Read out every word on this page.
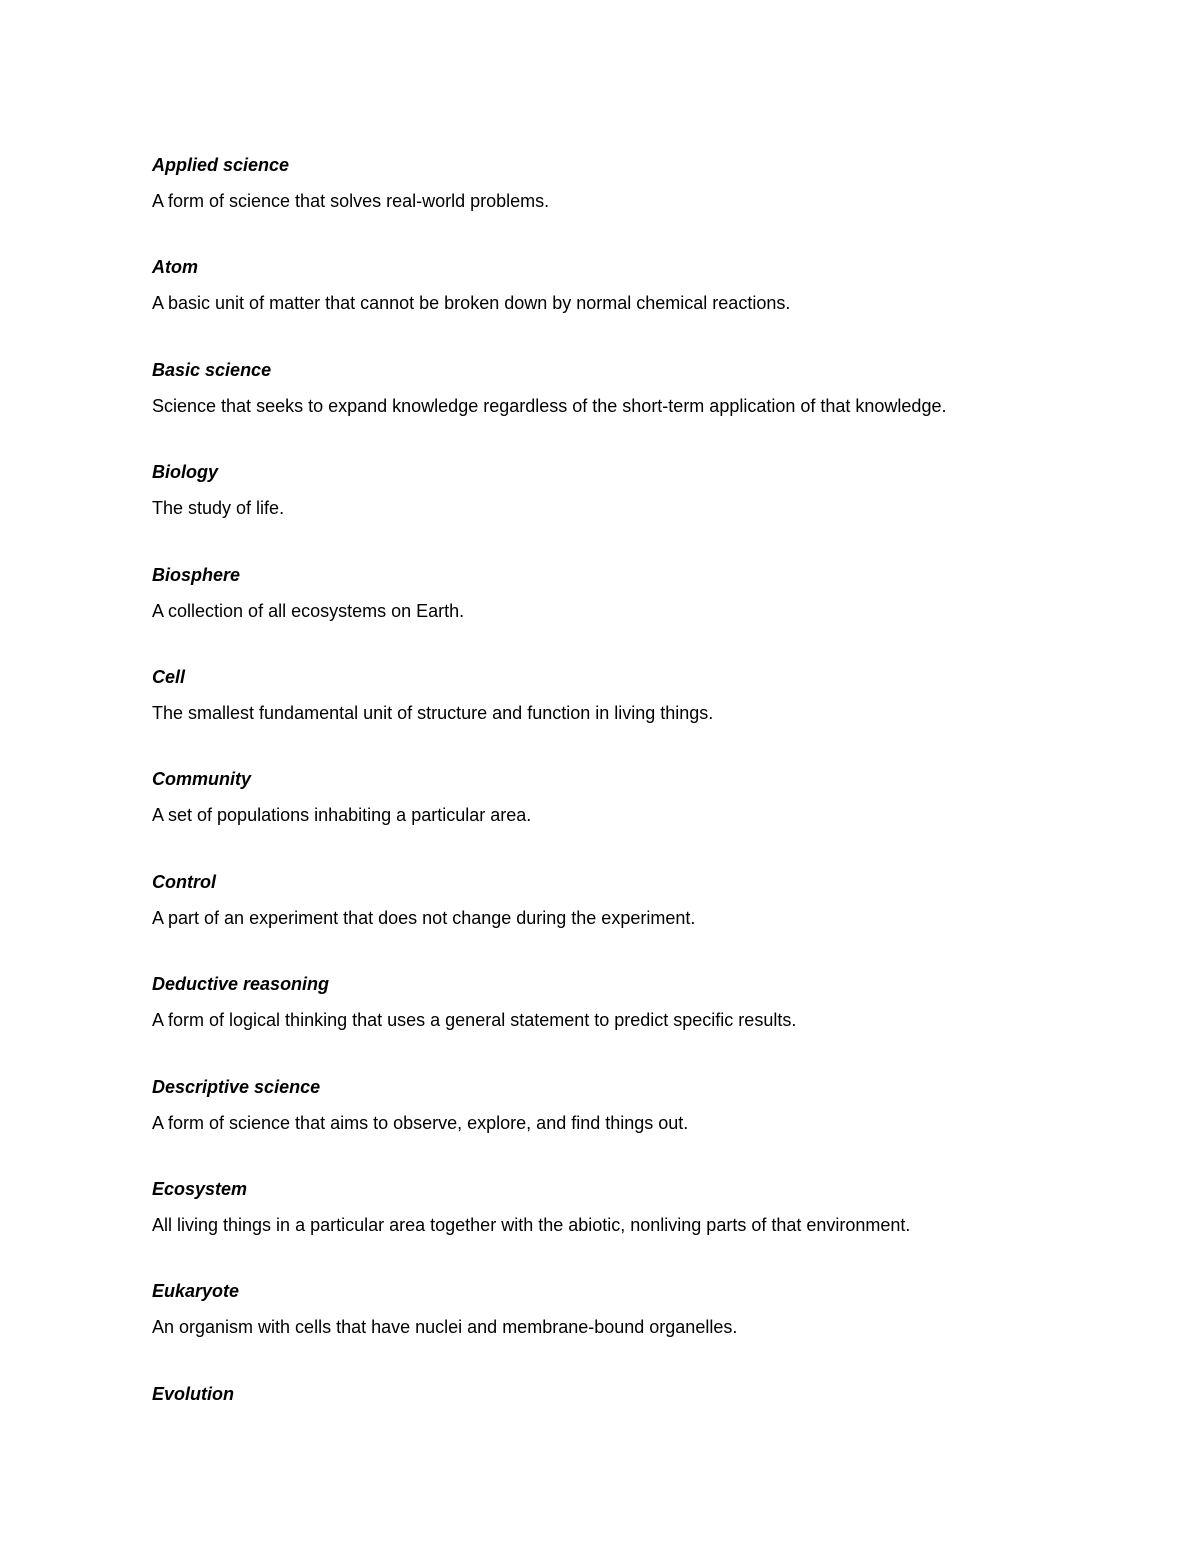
Applied science
A form of science that solves real-world problems.
Atom
A basic unit of matter that cannot be broken down by normal chemical reactions.
Basic science
Science that seeks to expand knowledge regardless of the short-term application of that knowledge.
Biology
The study of life.
Biosphere
A collection of all ecosystems on Earth.
Cell
The smallest fundamental unit of structure and function in living things.
Community
A set of populations inhabiting a particular area.
Control
A part of an experiment that does not change during the experiment.
Deductive reasoning
A form of logical thinking that uses a general statement to predict specific results.
Descriptive science
A form of science that aims to observe, explore, and find things out.
Ecosystem
All living things in a particular area together with the abiotic, nonliving parts of that environment.
Eukaryote
An organism with cells that have nuclei and membrane-bound organelles.
Evolution
